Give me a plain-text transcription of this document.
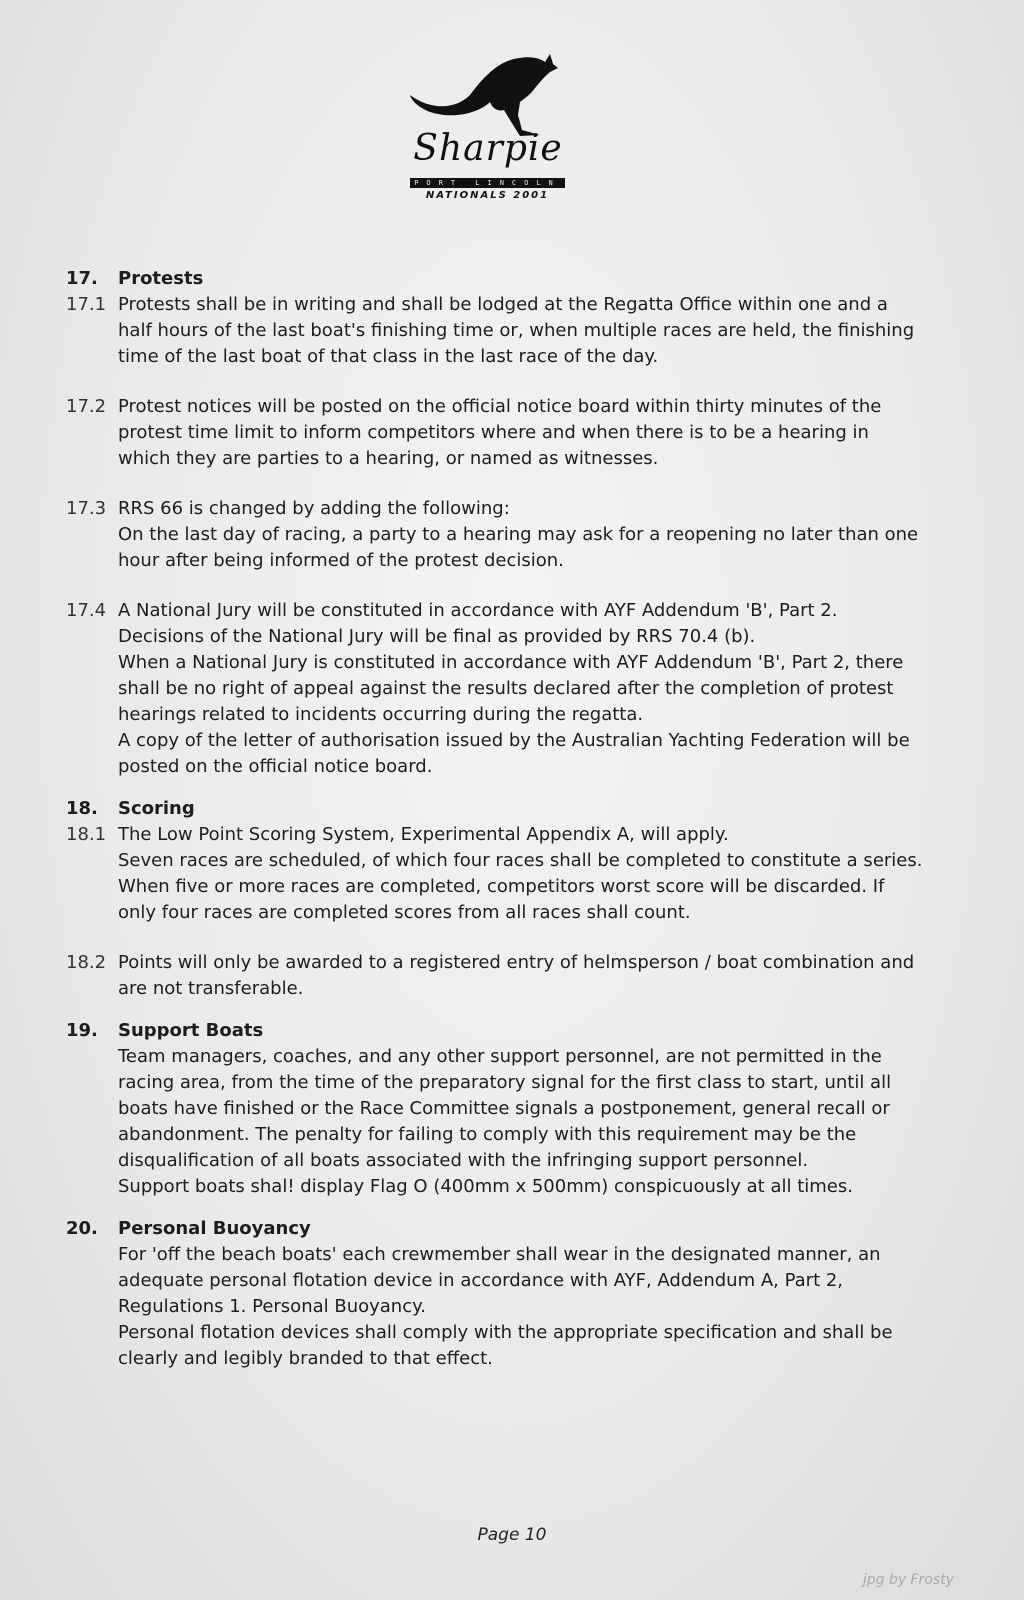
Sharpie
PORT LINCOLN
NATIONALS 2001
17.	Protests
17.1 Protests shall be in writing and shall be lodged at the Regatta Office within one and a half hours of the last boat's finishing time or, when multiple races are held, the finishing time of the last boat of that class in the last race of the day.

17.2 Protest notices will be posted on the official notice board within thirty minutes of the protest time limit to inform competitors where and when there is to be a hearing in which they are parties to a hearing, or named as witnesses.

17.3 RRS 66 is changed by adding the following:

On the last day of racing, a party to a hearing may ask for a reopening no later than one hour after being informed of the protest decision.

17.4 A National Jury will be constituted in accordance with AYF Addendum 'B', Part 2. Decisions of the National Jury will be final as provided by RRS 70.4 (b).

When a National Jury is constituted in accordance with AYF Addendum 'B', Part 2, there shall be no right of appeal against the results declared after the completion of protest hearings related to incidents occurring during the regatta.

A copy of the letter of authorisation issued by the Australian Yachting Federation will be posted on the official notice board.

18.	Scoring
18.1 The Low Point Scoring System, Experimental Appendix A, will apply.

Seven races are scheduled, of which four races shall be completed to constitute a series. When five or more races are completed, competitors worst score will be discarded. If only four races are completed scores from all races shall count.

18.2 Points will only be awarded to a registered entry of helmsperson / boat combination and are not transferable.

19.	Support Boats

Team managers, coaches, and any other support personnel, are not permitted in the racing area, from the time of the preparatory signal for the first class to start, until all boats have finished or the Race Committee signals a postponement, general recall or abandonment. The penalty for failing to comply with this requirement may be the disqualification of all boats associated with the infringing support personnel.

Support boats shal! display Flag O (400mm x 500mm) conspicuously at all times.

20.	Personal Buoyancy

For 'off the beach boats' each crewmember shall wear in the designated manner, an adequate personal flotation device in accordance with AYF, Addendum A, Part 2, Regulations 1. Personal Buoyancy.

Personal flotation devices shall comply with the appropriate specification and shall be clearly and legibly branded to that effect.

Page 10
jpg by Frosty
